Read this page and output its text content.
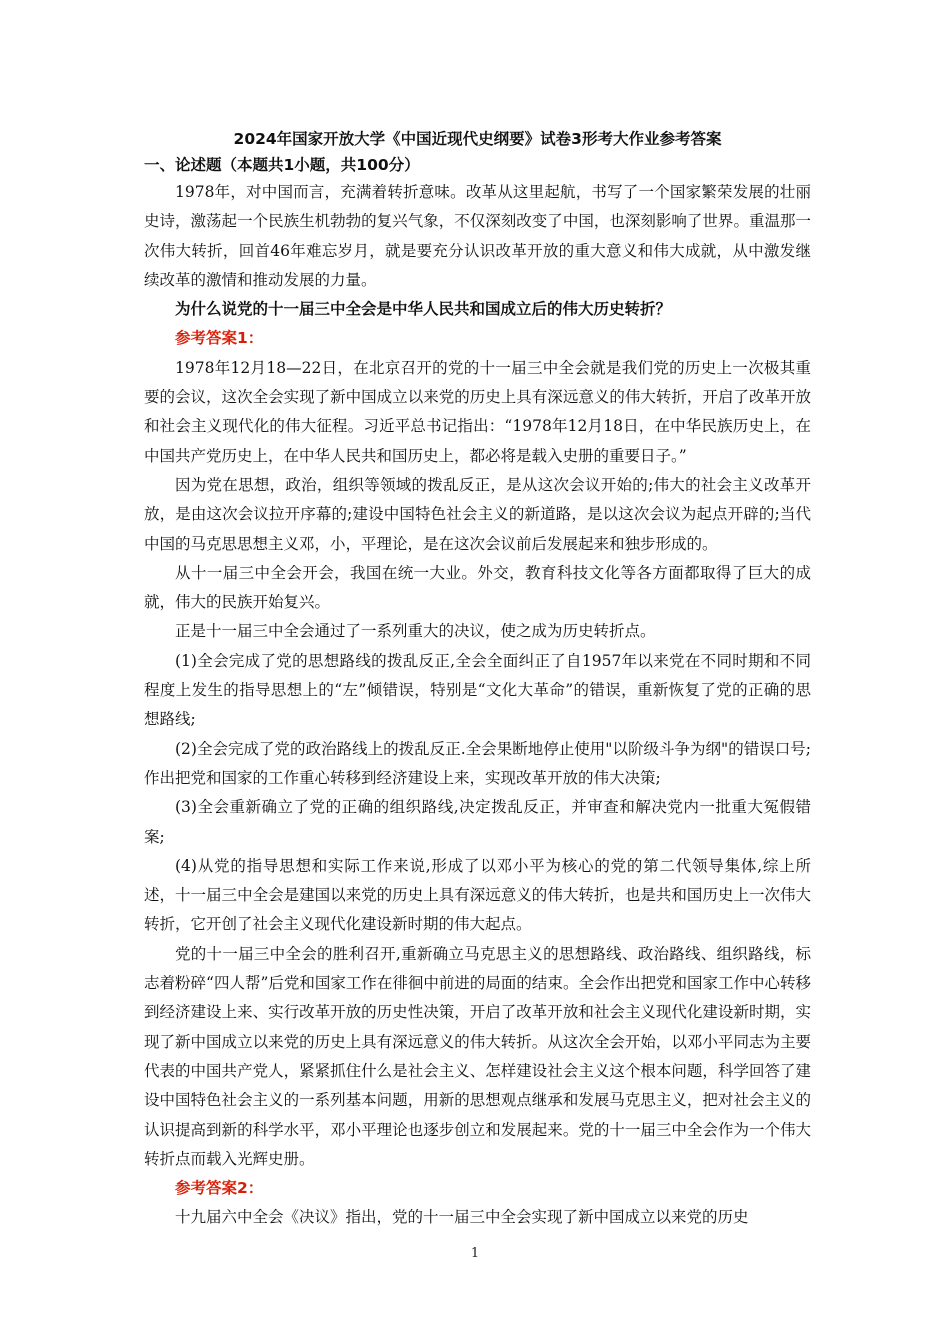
2024年国家开放大学《中国近现代史纲要》试卷3形考大作业参考答案
一、论述题（本题共1小题，共100分）

1978年，对中国而言，充满着转折意味。改革从这里起航，书写了一个国家繁荣发展的壮丽史诗，激荡起一个民族生机勃勃的复兴气象，不仅深刻改变了中国，也深刻影响了世界。重温那一次伟大转折，回首46年难忘岁月，就是要充分认识改革开放的重大意义和伟大成就，从中激发继续改革的激情和推动发展的力量。

为什么说党的十一届三中全会是中华人民共和国成立后的伟大历史转折？

参考答案1：

1978年12月18—22日，在北京召开的党的十一届三中全会就是我们党的历史上一次极其重要的会议，这次全会实现了新中国成立以来党的历史上具有深远意义的伟大转折，开启了改革开放和社会主义现代化的伟大征程。习近平总书记指出：“1978年12月18日，在中华民族历史上，在中国共产党历史上，在中华人民共和国历史上，都必将是载入史册的重要日子。”

因为党在思想，政治，组织等领域的拨乱反正，是从这次会议开始的;伟大的社会主义改革开放，是由这次会议拉开序幕的;建设中国特色社会主义的新道路，是以这次会议为起点开辟的;当代中国的马克思思想主义邓，小，平理论，是在这次会议前后发展起来和独步形成的。

从十一届三中全会开会，我国在统一大业。外交，教育科技文化等各方面都取得了巨大的成就，伟大的民族开始复兴。

正是十一届三中全会通过了一系列重大的决议，使之成为历史转折点。

(1)全会完成了党的思想路线的拨乱反正,全会全面纠正了自1957年以来党在不同时期和不同程度上发生的指导思想上的“左”倾错误，特别是“文化大革命”的错误，重新恢复了党的正确的思想路线;

(2)全会完成了党的政治路线上的拨乱反正.全会果断地停止使用"以阶级斗争为纲"的错误口号;作出把党和国家的工作重心转移到经济建设上来，实现改革开放的伟大决策;

(3)全会重新确立了党的正确的组织路线,决定拨乱反正，并审查和解决党内一批重大冤假错案;

(4)从党的指导思想和实际工作来说,形成了以邓小平为核心的党的第二代领导集体,综上所述，十一届三中全会是建国以来党的历史上具有深远意义的伟大转折，也是共和国历史上一次伟大转折，它开创了社会主义现代化建设新时期的伟大起点。

党的十一届三中全会的胜利召开,重新确立马克思主义的思想路线、政治路线、组织路线，标志着粉碎“四人帮”后党和国家工作在徘徊中前进的局面的结束。全会作出把党和国家工作中心转移到经济建设上来、实行改革开放的历史性决策，开启了改革开放和社会主义现代化建设新时期，实现了新中国成立以来党的历史上具有深远意义的伟大转折。从这次全会开始，以邓小平同志为主要代表的中国共产党人，紧紧抓住什么是社会主义、怎样建设社会主义这个根本问题，科学回答了建设中国特色社会主义的一系列基本问题，用新的思想观点继承和发展马克思主义，把对社会主义的认识提高到新的科学水平，邓小平理论也逐步创立和发展起来。党的十一届三中全会作为一个伟大转折点而载入光辉史册。

参考答案2：

十九届六中全会《决议》指出，党的十一届三中全会实现了新中国成立以来党的历史

1
